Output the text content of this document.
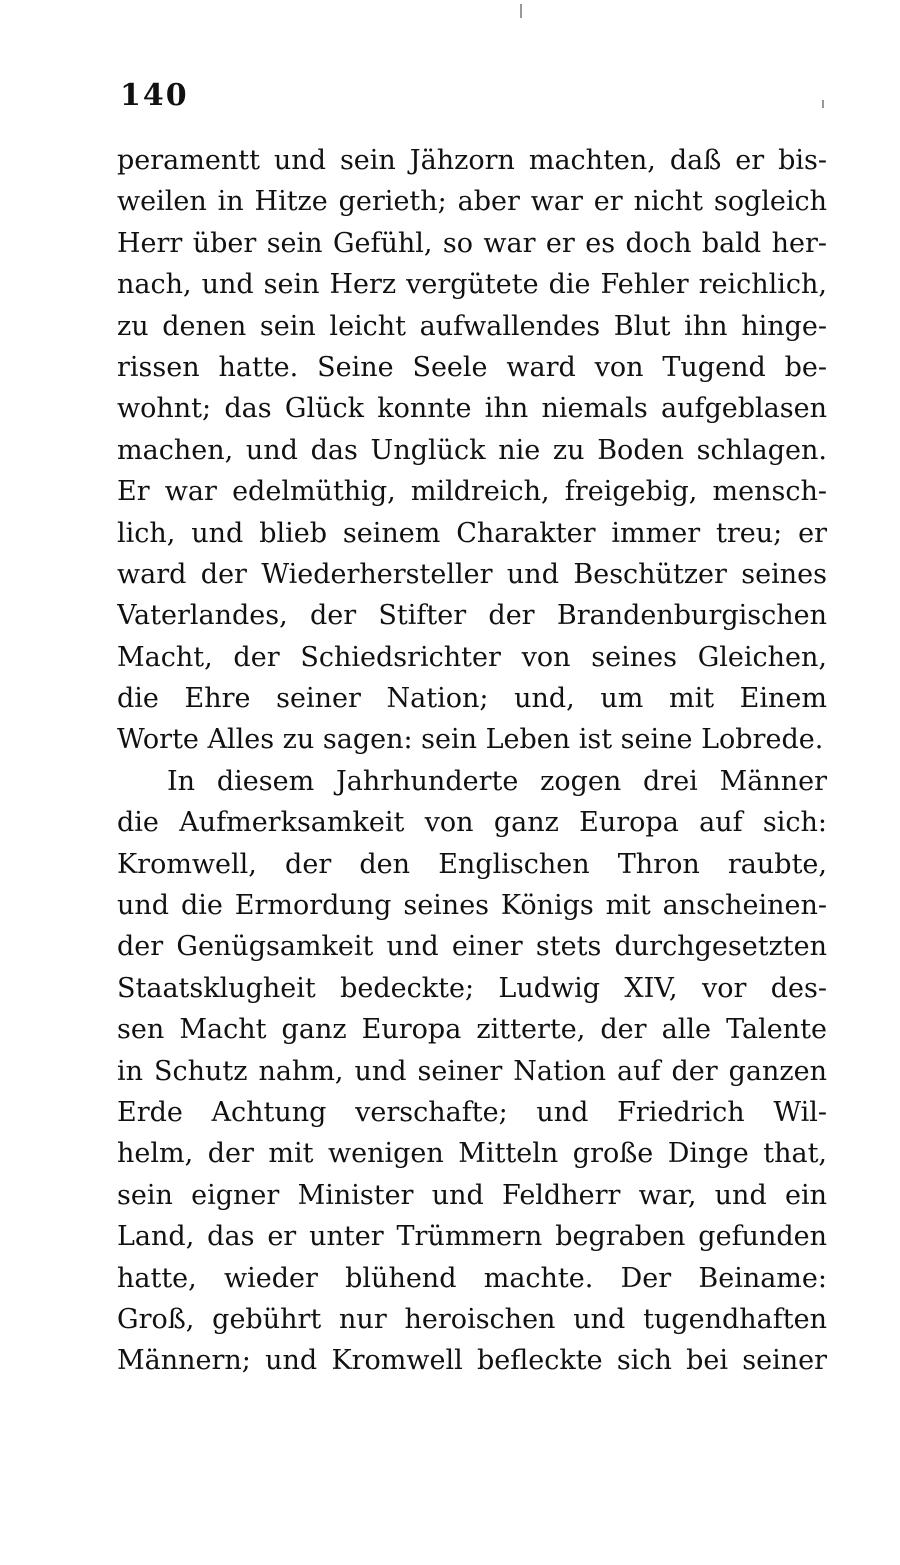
140
peramentt und sein Jähzorn machten, daß er bis-
weilen in Hitze gerieth; aber war er nicht sogleich
Herr über sein Gefühl, so war er es doch bald her-
nach, und sein Herz vergütete die Fehler reichlich,
zu denen sein leicht aufwallendes Blut ihn hinge-
rissen hatte. Seine Seele ward von Tugend be-
wohnt; das Glück konnte ihn niemals aufgeblasen
machen, und das Unglück nie zu Boden schlagen.
Er war edelmüthig, mildreich, freigebig, mensch-
lich, und blieb seinem Charakter immer treu; er
ward der Wiederhersteller und Beschützer seines
Vaterlandes, der Stifter der Brandenburgischen
Macht, der Schiedsrichter von seines Gleichen,
die Ehre seiner Nation; und, um mit Einem
Worte Alles zu sagen: sein Leben ist seine Lobrede.
In diesem Jahrhunderte zogen drei Männer
die Aufmerksamkeit von ganz Europa auf sich:
Kromwell, der den Englischen Thron raubte,
und die Ermordung seines Königs mit anscheinen-
der Genügsamkeit und einer stets durchgesetzten
Staatsklugheit bedeckte; Ludwig XIV, vor des-
sen Macht ganz Europa zitterte, der alle Talente
in Schutz nahm, und seiner Nation auf der ganzen
Erde Achtung verschafte; und Friedrich Wil-
helm, der mit wenigen Mitteln große Dinge that,
sein eigner Minister und Feldherr war, und ein
Land, das er unter Trümmern begraben gefunden
hatte, wieder blühend machte. Der Beiname:
Groß, gebührt nur heroischen und tugendhaften
Männern; und Kromwell befleckte sich bei seiner
